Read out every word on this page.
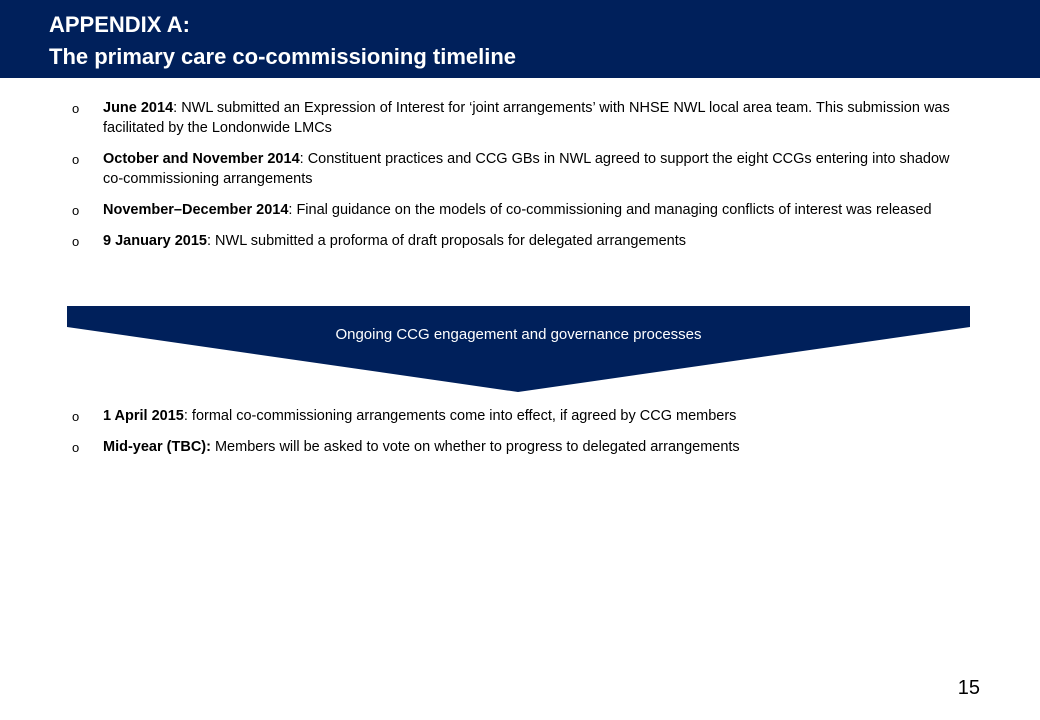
APPENDIX A:
The primary care co-commissioning timeline
o June 2014: NWL submitted an Expression of Interest for ‘joint arrangements’ with NHSE NWL local area team. This submission was facilitated by the Londonwide LMCs
o October and November 2014: Constituent practices and CCG GBs in NWL agreed to support the eight CCGs entering into shadow co-commissioning arrangements
o November–December 2014: Final guidance on the models of co-commissioning and managing conflicts of interest was released
o 9 January 2015: NWL submitted a proforma of draft proposals for delegated arrangements
Ongoing CCG engagement and governance processes
o 1 April 2015: formal co-commissioning arrangements come into effect, if agreed by CCG members
o Mid-year (TBC): Members will be asked to vote on whether to progress to delegated arrangements
15
